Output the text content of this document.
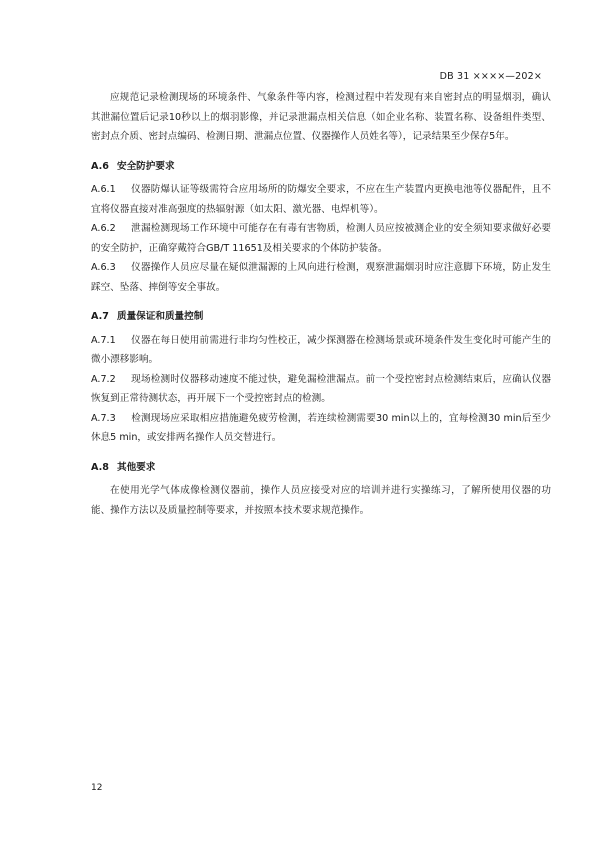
DB 31 ××××—202×

应规范记录检测现场的环境条件、气象条件等内容，检测过程中若发现有来自密封点的明显烟羽，确认其泄漏位置后记录10秒以上的烟羽影像，并记录泄漏点相关信息（如企业名称、装置名称、设备组件类型、密封点介质、密封点编码、检测日期、泄漏点位置、仪器操作人员姓名等），记录结果至少保存5年。

A.6 安全防护要求

A.6.1 仪器防爆认证等级需符合应用场所的防爆安全要求，不应在生产装置内更换电池等仪器配件，且不宜将仪器直接对准高强度的热辐射源（如太阳、激光器、电焊机等）。

A.6.2 泄漏检测现场工作环境中可能存在有毒有害物质，检测人员应按被测企业的安全须知要求做好必要的安全防护，正确穿戴符合GB/T 11651及相关要求的个体防护装备。

A.6.3 仪器操作人员应尽量在疑似泄漏源的上风向进行检测，观察泄漏烟羽时应注意脚下环境，防止发生踩空、坠落、摔倒等安全事故。

A.7 质量保证和质量控制

A.7.1 仪器在每日使用前需进行非均匀性校正，减少探测器在检测场景或环境条件发生变化时可能产生的微小漂移影响。

A.7.2 现场检测时仪器移动速度不能过快，避免漏检泄漏点。前一个受控密封点检测结束后，应确认仪器恢复到正常待测状态，再开展下一个受控密封点的检测。

A.7.3 检测现场应采取相应措施避免疲劳检测，若连续检测需要30 min以上的，宜每检测30 min后至少休息5 min，或安排两名操作人员交替进行。

A.8 其他要求

在使用光学气体成像检测仪器前，操作人员应接受对应的培训并进行实操练习，了解所使用仪器的功能、操作方法以及质量控制等要求，并按照本技术要求规范操作。

12
